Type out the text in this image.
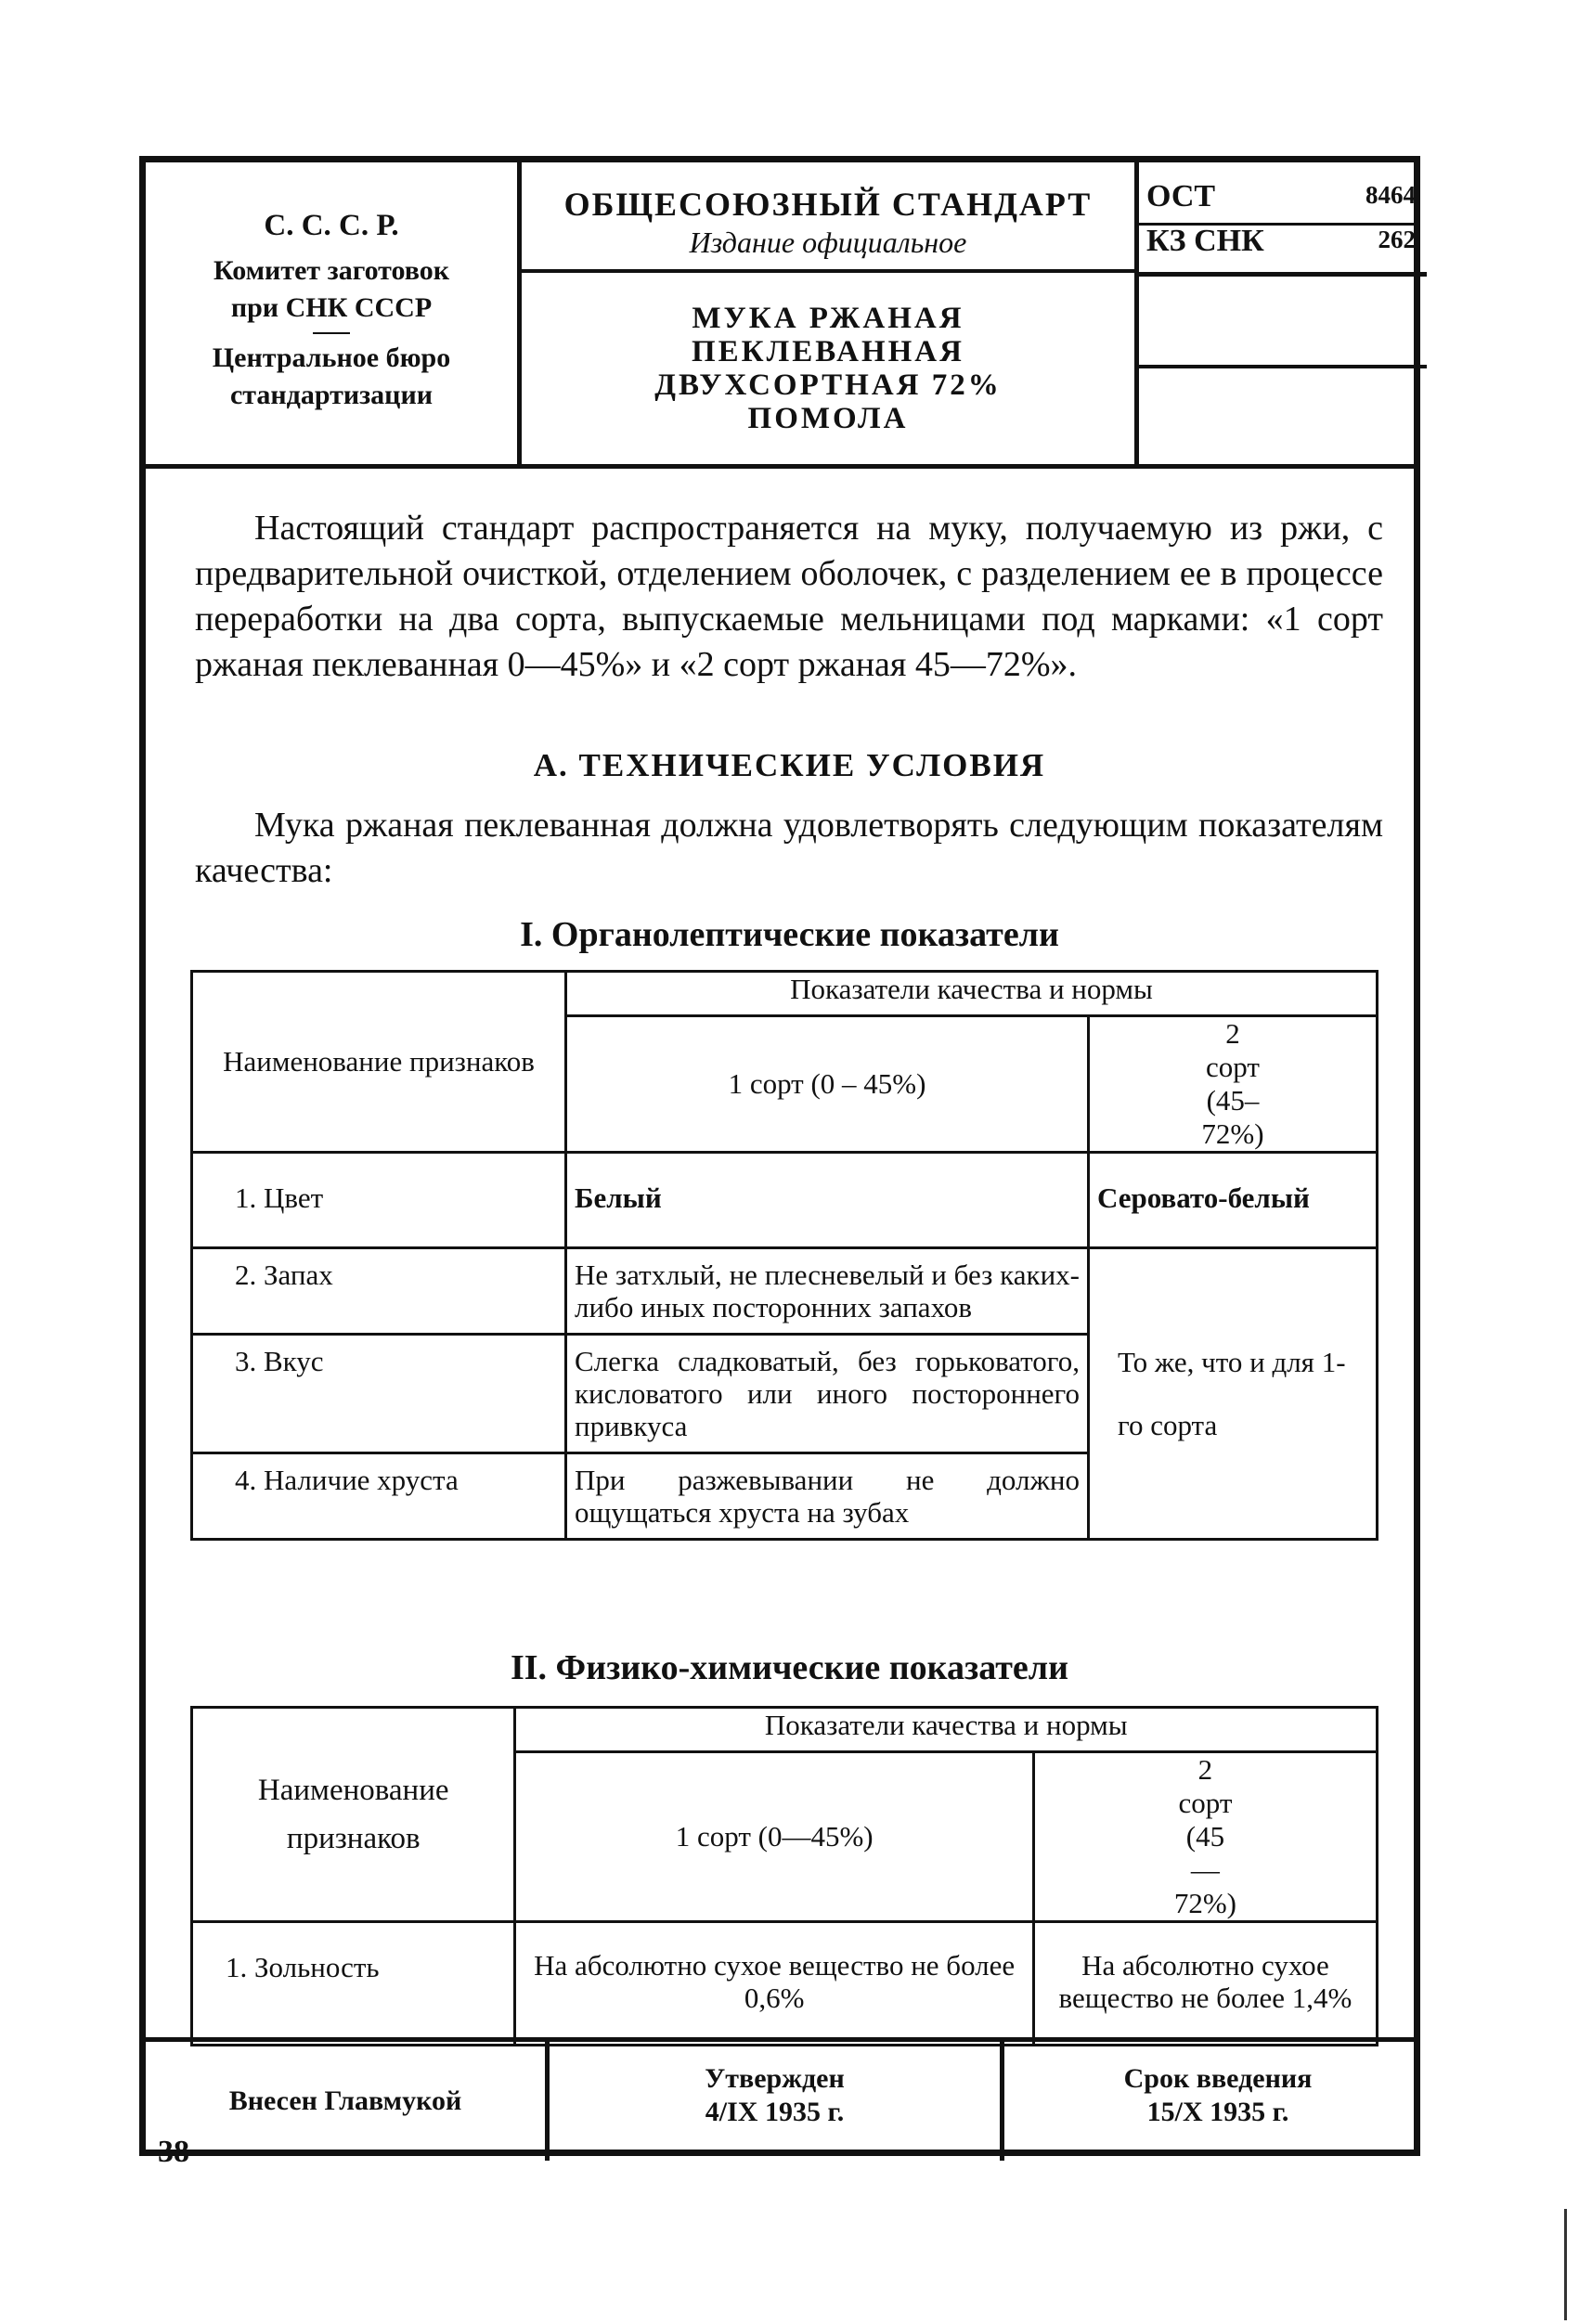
С. С. С. Р.
Комитет заготовок
при СНК СССР
Центральное бюро
стандартизации
ОБЩЕСОЮЗНЫЙ СТАНДАРТ
Издание официальное
МУКА РЖАНАЯ
ПЕКЛЕВАННАЯ
ДВУХСОРТНАЯ 72%
ПОМОЛА
ОСТ	8464
КЗ СНК	262
Внесен Главмукой
Утвержден
4/IX 1935 г.
Срок введения
15/X 1935 г.
Настоящий стандарт распространяется на муку, получаемую из ржи, с предварительной очисткой, отделением оболочек, с разделением ее в процессе переработки на два сорта, выпускаемые мельницами под марками: «1 сорт ржаная пеклеванная 0—45%» и «2 сорт ржаная 45—72%».
А. ТЕХНИЧЕСКИЕ УСЛОВИЯ
Мука ржаная пеклеванная должна удовлетворять следующим показателям качества:
I. Органолептические показатели
Наименование признаков	Показатели качества и нормы	
	1 сорт (0 – 45%)	2 сорт (45–72%)
1. Цвет	Белый	Серовато-белый
2. Запах	Не затхлый, не плесневелый и без каких-либо иных посторонних запахов	То же, что и для 1-го сорта
3. Вкус	Слегка сладковатый, без горьковатого, кисловатого или иного постороннего привкуса	
4. Наличие хруста	При разжевывании не должно ощущаться хруста на зубах	
II. Физико-химические показатели
Наименование признаков	Показатели качества и нормы	
	1 сорт (0—45%)	2 сорт (45—72%)
1. Зольность	На абсолютно сухое вещество не более 0,6%	На абсолютно сухое вещество не более 1,4%
38
